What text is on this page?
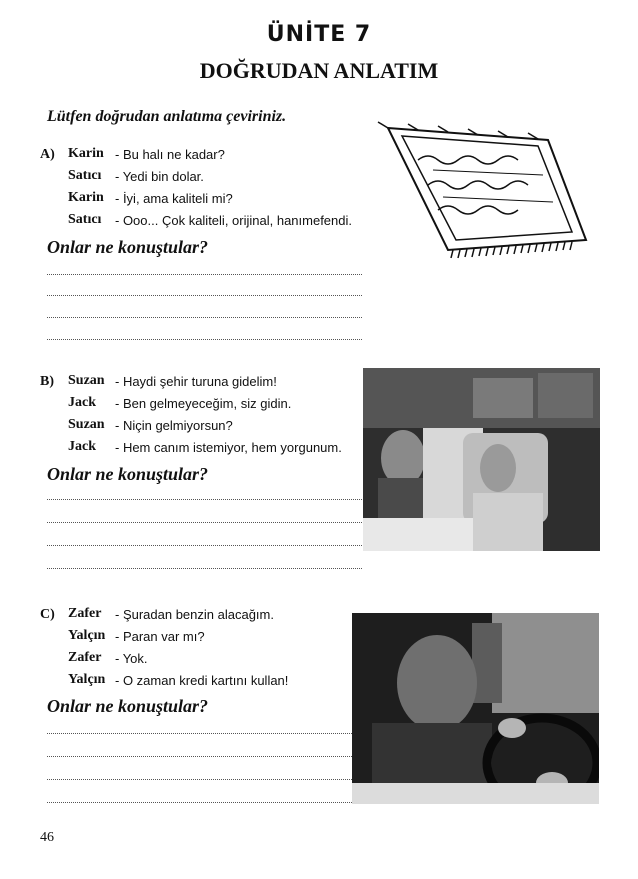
ÜNİTE 7
DOĞRUDAN ANLATIM
Lütfen doğrudan anlatıma çeviriniz.
A) Karin - Bu halı ne kadar?
Satıcı - Yedi bin dolar.
Karin - İyi, ama kaliteli mi?
Satıcı - Ooo... Çok kaliteli, orijinal, hanımefendi.
Onlar ne konuştular?
B) Suzan - Haydi şehir turuna gidelim!
Jack - Ben gelmeyeceğim, siz gidin.
Suzan - Niçin gelmiyorsun?
Jack - Hem canım istemiyor, hem yorgunum.
Onlar ne konuştular?
C) Zafer - Şuradan benzin alacağım.
Yalçın - Paran var mı?
Zafer - Yok.
Yalçın - O zaman kredi kartını kullan!
Onlar ne konuştular?
46
